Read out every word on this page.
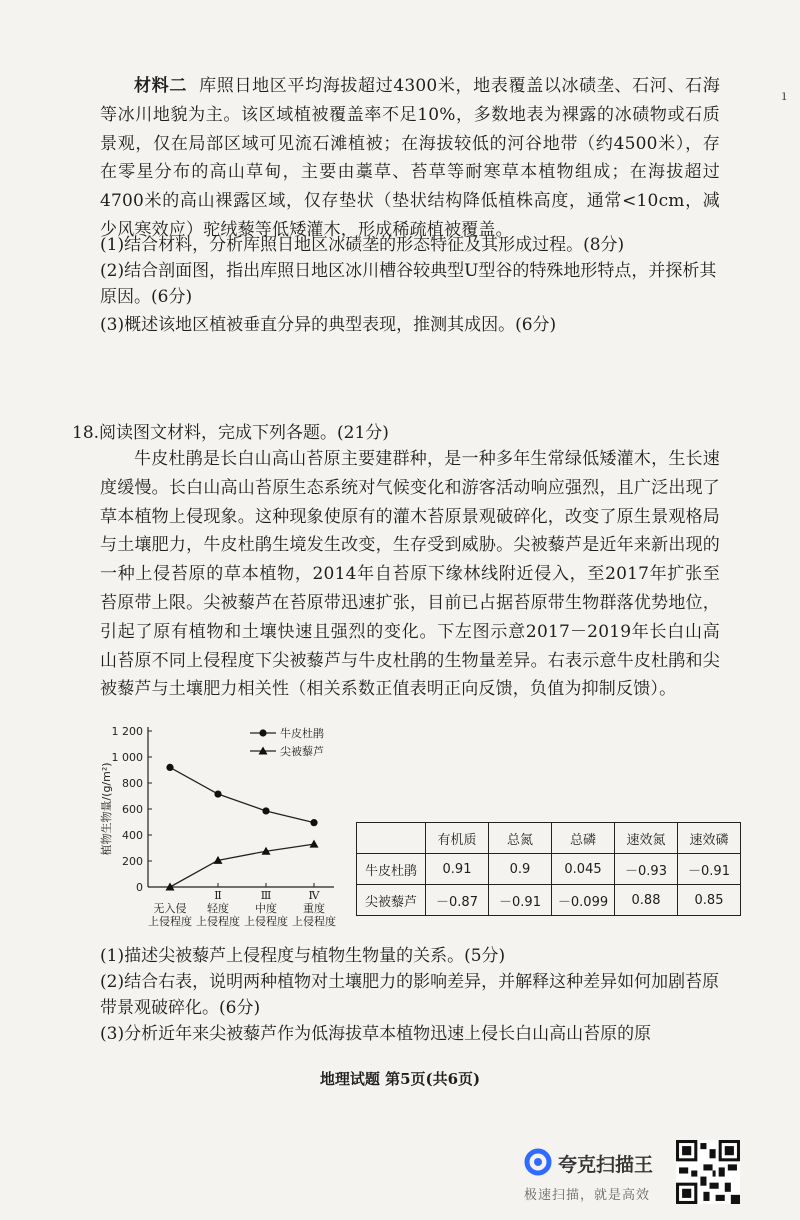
ı
材料二 库照日地区平均海拔超过4300米，地表覆盖以冰碛垄、石河、石海等冰川地貌为主。该区域植被覆盖率不足10%，多数地表为裸露的冰碛物或石质景观，仅在局部区域可见流石滩植被；在海拔较低的河谷地带（约4500米），存在零星分布的高山草甸，主要由藁草、苔草等耐寒草本植物组成；在海拔超过4700米的高山裸露区域，仅存垫状（垫状结构降低植株高度，通常<10cm，减少风寒效应）驼绒藜等低矮灌木，形成稀疏植被覆盖。
(1)结合材料，分析库照日地区冰碛垄的形态特征及其形成过程。(8分)
(2)结合剖面图，指出库照日地区冰川槽谷较典型U型谷的特殊地形特点，并探析其原因。(6分)
(3)概述该地区植被垂直分异的典型表现，推测其成因。(6分)
18.阅读图文材料，完成下列各题。(21分)
牛皮杜鹃是长白山高山苔原主要建群种，是一种多年生常绿低矮灌木，生长速度缓慢。长白山高山苔原生态系统对气候变化和游客活动响应强烈，且广泛出现了草本植物上侵现象。这种现象使原有的灌木苔原景观破碎化，改变了原生景观格局与土壤肥力，牛皮杜鹃生境发生改变，生存受到威胁。尖被藜芦是近年来新出现的一种上侵苔原的草本植物，2014年自苔原下缘林线附近侵入，至2017年扩张至苔原带上限。尖被藜芦在苔原带迅速扩张，目前已占据苔原带生物群落优势地位，引起了原有植物和土壤快速且强烈的变化。下左图示意2017－2019年长白山高山苔原不同上侵程度下尖被藜芦与牛皮杜鹃的生物量差异。右表示意牛皮杜鹃和尖被藜芦与土壤肥力相关性（相关系数正值表明正向反馈，负值为抑制反馈）。
0
200
400
600
800
1 000
1 200
无入侵
上侵程度
Ⅱ
轻度
上侵程度
Ⅲ
中度
上侵程度
Ⅳ
重度
上侵程度
牛皮杜鹃
尖被藜芦
植物生物量/(g/m²)
		有机质	总氮	总磷	速效氮	速效磷
牛皮杜鹃	0.91	0.9	0.045	－0.93	－0.91
尖被藜芦	－0.87	－0.91	－0.099	0.88	0.85
(1)描述尖被藜芦上侵程度与植物生物量的关系。(5分)
(2)结合右表，说明两种植物对土壤肥力的影响差异，并解释这种差异如何加剧苔原带景观破碎化。(6分)
(3)分析近年来尖被藜芦作为低海拔草本植物迅速上侵长白山高山苔原的原
地理试题 第5页(共6页)
夸克扫描王
极速扫描，就是高效
